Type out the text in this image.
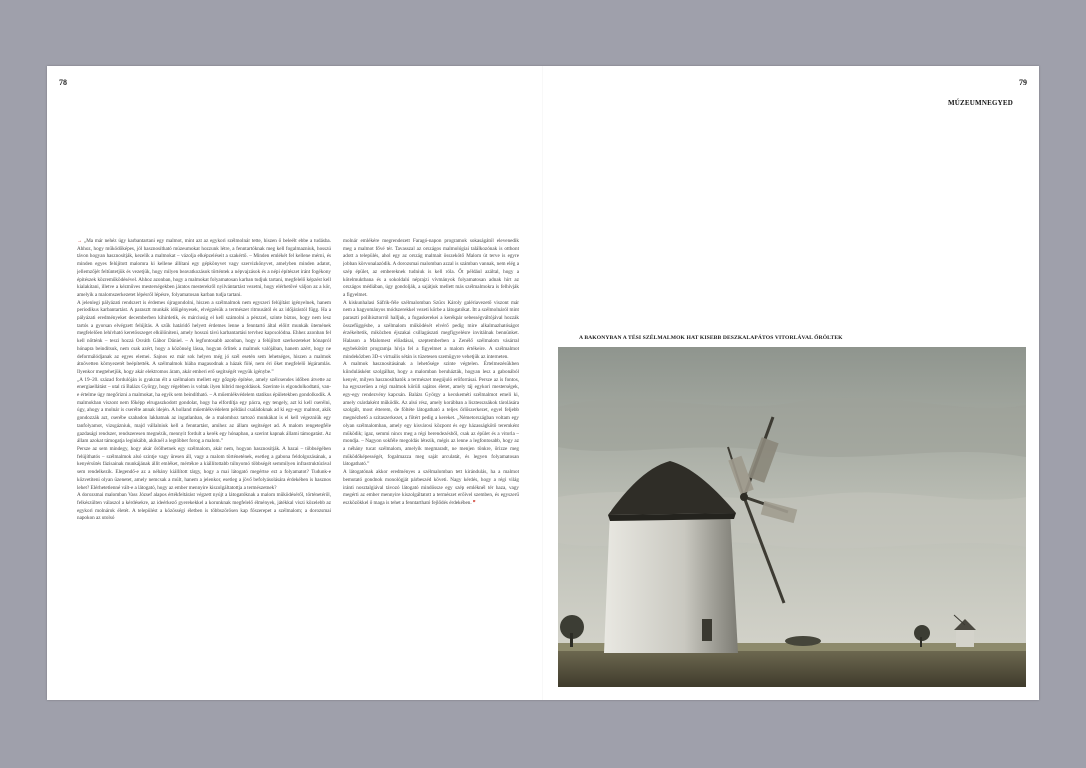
78	79
MÚZEUMNEGYED

→ „Ma már nehéz úgy karbantartani egy malmot, mint azt az egykori szélmolnár tette, hiszen ő beleélt ebbe a tudásba. Ahhoz, hogy működőképes, jól hasznosítható múzeumokat hozzunk létre, a fenntartóknak meg kell fogalmazniuk, hosszú távon hogyan hasznosítják, kezelik a malmokat – vázolja elképzeléseit a szakértő. – Minden emlékét fel kellene mérni, és minden egyes felújított malomra ki kellene állítani egy gépkönyvet vagy szervizkönyvet, amelyben minden adatot, jellemzőjét feltüntetjük és vezetjük, hogy milyen beavatkozások történtek a népvajzások és a népi építészet iránt fogékony építészek közreműködésével. Ahhoz azonban, hogy a malmokat folyamatosan karban tudjuk tartani, megfelelő képzést kell kialakítani, illetve a kézműves mesterségekben járatos mesterekről nyilvántartást vezetni, hogy elérhetővé váljon az a kör, amelyik a malomszerkezetet lépésről lépésre, folyamatosan karban tudja tartani.

A jelenlegi pályázati rendszert is érdemes újragondolni, hiszen a szélmalmok nem egyszeri felújítást igényelnek, hanem periodikus karbantartást. A parasztt munkák időigényesek, elvégzésük a természet ritmusától és az időjárástól függ. Ha a pályázati eredményeket decemberben kihirdetik, és márciusig el kell számolni a pénzzel, szinte biztos, hogy nem lesz tartós a gyorsan elvégzett felújítás. A szűk határidő helyett érdemes lenne a fenntartó által előírt munkák ütemének megfelelően lehívható keretösszeget elkülöníteni, amely hosszú távú karbantartási tervhez kapcsolódna. Ehhez azonban fel kell nőtténk – teszi hozzá Osváth Gábor Dániel. – A legfontosabb azonban, hogy a felújított szerkezeteket hónapról hónapra beindítsuk, nem csak azért, hogy a közönség lássa, hogyan őrlitek a malmok valójában, hanem azért, hogy ne deformálódjanak az egyes elemei. Sajnos ez már sok helyen még jó szél esetén sem lehetséges, hiszen a malmok átnövetten környezetét beépítették. A szélmalmok hiába magasodnak a házak fölé, nem éri őket megfelelő légáramlás. Ilyenkor megtehetjük, hogy akár elektromos áram, akár emberi erő segítségét vegyük igénybe.”

„A 19–20. század fordulóján is gyakran élt a szélmalom mellett egy gőzgép építése, amely szélcsendes időben átvette az energiaellátást – utal rá Balázs György, hogy régebben is voltak ilyen hibrid megoldások. Szerinte is elgondolkodtató, van-e értelme úgy megőrizni a malmokat, ha egyik sem beindítható. – A műemlékvédelem statikus épületekben gondolkodik. A malmokban viszont nem főképp elrugaszkodott gondolat, hogy ha elfordítja egy pácra, egy tengely, azt ki kell cserélni, úgy, ahogy a molnár is cserélte annak idején. A holland műemlékvédelem például családoknak ad ki egy-egy malmot, akik gondozzák azt, cserébe szabadon lakhatnak az ingatlanban, de a malomhoz tartozó munkákat is el kell végezniük egy tanfolyamot, vizsgázniuk, majd vállalniuk kell a fenntartást, amihez az állam segítséget ad. A malom rengetegféle gazdasági rendszer, rendszeresen megnézik, mennyit fordult a kerék egy hónapban, a szerint kapnak állami támogatást. Az állam azokat támogatja leginkább, akiknél a legtöbbet forog a malom.”

Persze az sem mindegy, hogy akár őrölhetnek egy szélmalom, akár nem, hogyan hasznosítják. A hazai – többségében felújíthatós – szélmalmok alsó szintje vagy üresen áll, vagy a malom történetének, esetleg a gabona feldolgozásának, a kenyérsütés fázisainak munkájának állít emléket, mértékre a kiállítottabb túlnyomó többségét semmilyen infrastruktúrával sem rendelkezik. Elegendő-e az a néhány kiállított tárgy, hogy a mai látogató megértse ezt a folyamatot? Tudunk-e közvetíteni olyan üzenetet, amely nemcsak a múlt, hanem a jelenkor, esetleg a jövő befolyásolására érdekében is hasznos lehet? Elérhetetlenné vált-e a látogató, hogy az ember mennyire kiszolgáltatottja a természetnek?

A dorozsmai malomban Vass József alapos értékfeltárást végzett nyújt a látogatóknak a malom működéséről, történetéről, felkészülten válaszol a kérdésekre, az ideérkező gyerekekkel a korunknak megfelelő élmények, játékkal viszi közelebb az egykori molnárok életét. A települést a közösségi életben is többszörösen kap főszerepet a szélmalom; a dorozsmai napokon az utolsó

molnár emlékére megrendezett Faragó-napon programok sokaságától elevenedik meg a malmot fővé tér. Tavasszal az országos malmológiai találkozónak is otthont adott a település, ahol egy az ország malmait összekötő Malom út terve is egyre jobban körvonalazódik. A dorozsmai malomban azzal is számban vannak, nem elég a szép épület, az embereknek tudniuk is kell róla. Őt például azáltal, hogy a kötelmuktbana és a sokoldalú néprajzi vívmányok folyamatosan adnak hírt az országos médiában, úgy gondolják, a sajátjuk mellett más szélmalmokra is felhívják a figyelmet.

A kiskunhalasi Sáfrik-féle szélmalomban Szűcs Károly galériavezető viszont már nem a hagyományos módszerekkel vezeti körbe a látogatókat. Itt a szélmolnáról mint paraszti polihisztorról halljuk, a fogaskerekei a kerékpár sebességváltójával hozzák összefüggésbe, a szélmalom működését elvérő pedig mire alkalmazhatóságot érzékeltetik, miközben éjszakai csillagászati megfigyelésre invitálnak bennünket. Halason a Malomest előadásai, szeptemberben a Zenélő szélmalom vásárral egybekötött programja hívja fel a figyelmet a malom értékeire. A szélmalmot mindeközben 3D-s virtuális sétán is tüzetesen szemügyre vehetjük az interneten.

A malmok hasznosításának a lehetősége szinte végtelen. Értelmezésükben kiindulásként szolgálhat, hogy a malomban beruházták, hogyan lesz a gabonából kenyér, milyen hasznosíthatók a természet megújuló erőforrásai. Persze az is fontos, ha egyszerűen a régi malmok körüli sajátos életet, amely táj egykori mesterségek, egy-egy rendezvény kapcsán. Balázs György a kecskeméti szélmalmot emeli ki, amely csárdaként működik. Az alsó rész, amely korábban a lisztesszsákok tárolására szolgált, most étterem, de föltéte látogatható a teljes őrlőszerkezet, egyel feljebb megnézhető a szitaszerkezet, a főtért pedig a kereket. „Németországban voltam egy olyan szélmalomban, amely egy kisvárosi központ és egy házasságkötő teremként működik; igaz, semmi nincs meg a régi berendezésből, csak az épület és a vitorla – mondja. – Nagyon sokféle megoldás létezik, mégis az lenne a legfontosabb, hogy az a néhány tucat szélmalom, amelyik megmaradt, ne menjen tönkre, őrizze meg működőképességét, fogalmazza meg saját arculatát, és legyen folyamatosan látogatható.”

A látogatónak akkor eredményes a szélmalomban tett kirándulás, ha a malmot bemutató gondnok monológját párbeszéd követi. Nagy kérdés, hogy a régi világ iránti nosztalgiával távozó látogató mindössze egy szép emléknél tér haza, vagy megérti az ember mennyire kiszolgáltatott a természet erőivel szemben, és egyszerű eszközökkel ő maga is tehet a fenntartható fejlődés érdekében. ❞

A BAKONYBAN A TÉSI SZÉLMALMOK HAT KISEBB DESZKALAPÁTOS VITORLÁVAL ŐRÖLTEK
